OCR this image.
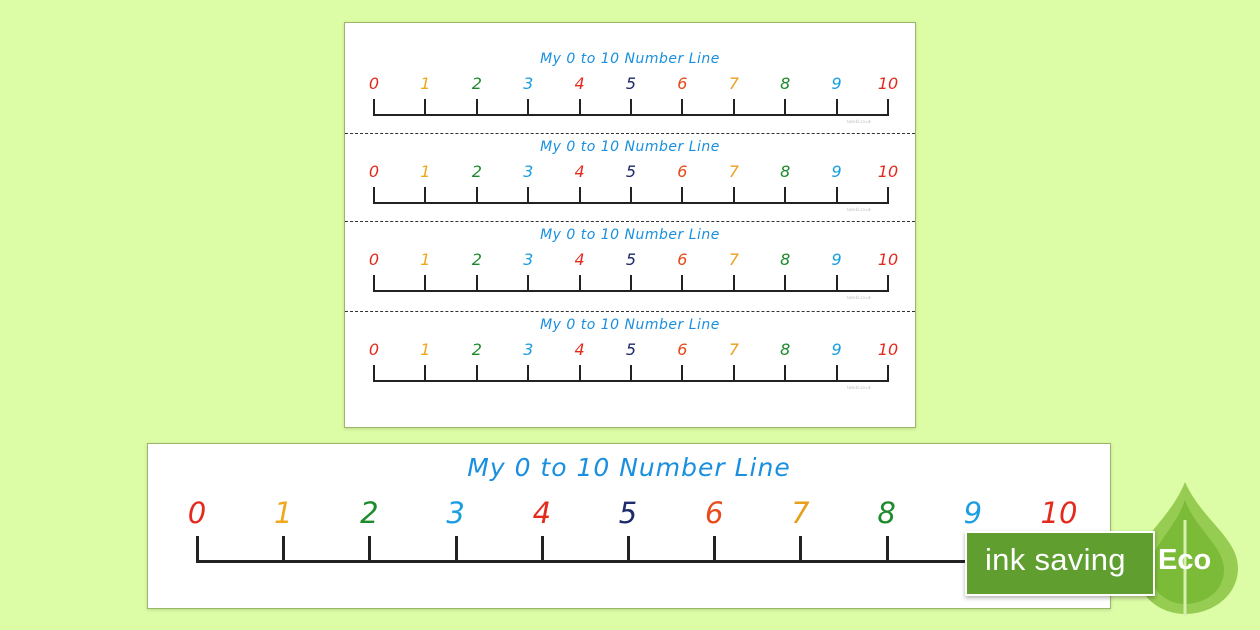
My 0 to 10 Number Line
0	1	2	3	4	5	6	7	8	9 10
twinkl.co.uk
My 0 to 10 Number Line
0	1	2	3	4	5	6	7	8	9 10
twinkl.co.uk
My 0 to 10 Number Line
0	1	2	3	4	5	6	7	8	9 10
twinkl.co.uk
My 0 to 10 Number Line
0	1	2	3	4	5	6	7	8	9 10
twinkl.co.uk
My 0 to 10 Number Line
0 1 2 3 4 5 6 7 8 9 10
ink saving Eco
